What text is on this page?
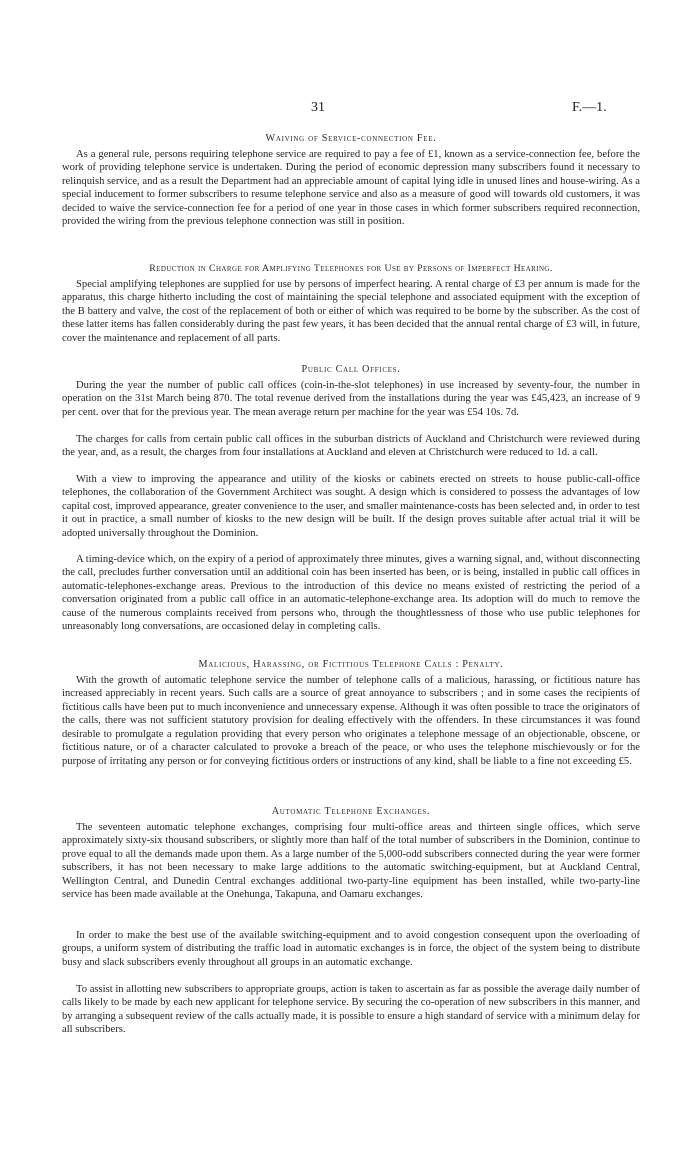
31	F.—1.
Waiving of Service-connection Fee.

As a general rule, persons requiring telephone service are required to pay a fee of £1, known as a service-connection fee, before the work of providing telephone service is undertaken. During the period of economic depression many subscribers found it necessary to relinquish service, and as a result the Department had an appreciable amount of capital lying idle in unused lines and house-wiring. As a special inducement to former subscribers to resume telephone service and also as a measure of good will towards old customers, it was decided to waive the service-connection fee for a period of one year in those cases in which former subscribers required reconnection, provided the wiring from the previous telephone connection was still in position.

Reduction in Charge for Amplifying Telephones for Use by Persons of Imperfect Hearing.

Special amplifying telephones are supplied for use by persons of imperfect hearing. A rental charge of £3 per annum is made for the apparatus, this charge hitherto including the cost of maintaining the special telephone and associated equipment with the exception of the B battery and valve, the cost of the replacement of both or either of which was required to be borne by the subscriber. As the cost of these latter items has fallen considerably during the past few years, it has been decided that the annual rental charge of £3 will, in future, cover the maintenance and replacement of all parts.

Public Call Offices.

During the year the number of public call offices (coin-in-the-slot telephones) in use increased by seventy-four, the number in operation on the 31st March being 870. The total revenue derived from the installations during the year was £45,423, an increase of 9 per cent. over that for the previous year. The mean average return per machine for the year was £54 10s. 7d.

The charges for calls from certain public call offices in the suburban districts of Auckland and Christchurch were reviewed during the year, and, as a result, the charges from four installations at Auckland and eleven at Christchurch were reduced to 1d. a call.

With a view to improving the appearance and utility of the kiosks or cabinets erected on streets to house public-call-office telephones, the collaboration of the Government Architect was sought. A design which is considered to possess the advantages of low capital cost, improved appearance, greater convenience to the user, and smaller maintenance-costs has been selected and, in order to test it out in practice, a small number of kiosks to the new design will be built. If the design proves suitable after actual trial it will be adopted universally throughout the Dominion.

A timing-device which, on the expiry of a period of approximately three minutes, gives a warning signal, and, without disconnecting the call, precludes further conversation until an additional coin has been inserted has been, or is being, installed in public call offices in automatic-telephones-exchange areas. Previous to the introduction of this device no means existed of restricting the period of a conversation originated from a public call office in an automatic-telephone-exchange area. Its adoption will do much to remove the cause of the numerous complaints received from persons who, through the thoughtlessness of those who use public telephones for unreasonably long conversations, are occasioned delay in completing calls.

Malicious, Harassing, or Fictitious Telephone Calls : Penalty.

With the growth of automatic telephone service the number of telephone calls of a malicious, harassing, or fictitious nature has increased appreciably in recent years. Such calls are a source of great annoyance to subscribers ; and in some cases the recipients of fictitious calls have been put to much inconvenience and unnecessary expense. Although it was often possible to trace the originators of the calls, there was not sufficient statutory provision for dealing effectively with the offenders. In these circumstances it was found desirable to promulgate a regulation providing that every person who originates a telephone message of an objectionable, obscene, or fictitious nature, or of a character calculated to provoke a breach of the peace, or who uses the telephone mischievously or for the purpose of irritating any person or for conveying fictitious orders or instructions of any kind, shall be liable to a fine not exceeding £5.

Automatic Telephone Exchanges.

The seventeen automatic telephone exchanges, comprising four multi-office areas and thirteen single offices, which serve approximately sixty-six thousand subscribers, or slightly more than half of the total number of subscribers in the Dominion, continue to prove equal to all the demands made upon them. As a large number of the 5,000-odd subscribers connected during the year were former subscribers, it has not been necessary to make large additions to the automatic switching-equipment, but at Auckland Central, Wellington Central, and Dunedin Central exchanges additional two-party-line equipment has been installed, while two-party-line service has been made available at the Onehunga, Takapuna, and Oamaru exchanges.

In order to make the best use of the available switching-equipment and to avoid congestion consequent upon the overloading of groups, a uniform system of distributing the traffic load in automatic exchanges is in force, the object of the system being to distribute busy and slack subscribers evenly throughout all groups in an automatic exchange.

To assist in allotting new subscribers to appropriate groups, action is taken to ascertain as far as possible the average daily number of calls likely to be made by each new applicant for telephone service. By securing the co-operation of new subscribers in this manner, and by arranging a subsequent review of the calls actually made, it is possible to ensure a high standard of service with a minimum delay for all subscribers.
